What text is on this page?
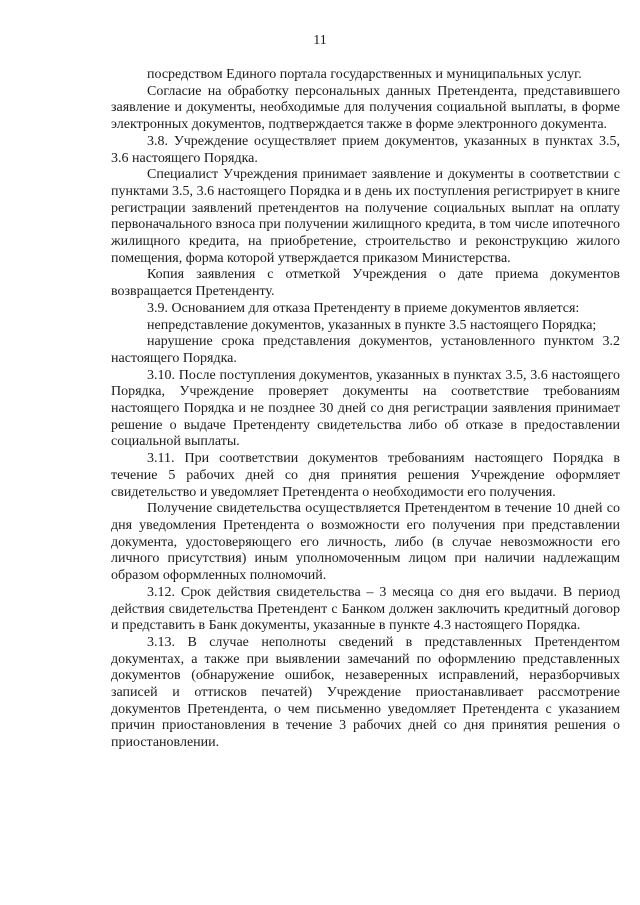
11

посредством Единого портала государственных и муниципальных услуг.

Согласие на обработку персональных данных Претендента, представившего заявление и документы, необходимые для получения социальной выплаты, в форме электронных документов, подтверждается также в форме электронного документа.

3.8. Учреждение осуществляет прием документов, указанных в пунктах 3.5, 3.6 настоящего Порядка.

Специалист Учреждения принимает заявление и документы в соответствии с пунктами 3.5, 3.6 настоящего Порядка и в день их поступления регистрирует в книге регистрации заявлений претендентов на получение социальных выплат на оплату первоначального взноса при получении жилищного кредита, в том числе ипотечного жилищного кредита, на приобретение, строительство и реконструкцию жилого помещения, форма которой утверждается приказом Министерства.

Копия заявления с отметкой Учреждения о дате приема документов возвращается Претенденту.

3.9. Основанием для отказа Претенденту в приеме документов является:

непредставление документов, указанных в пункте 3.5 настоящего Порядка;

нарушение срока представления документов, установленного пунктом 3.2 настоящего Порядка.

3.10. После поступления документов, указанных в пунктах 3.5, 3.6 настоящего Порядка, Учреждение проверяет документы на соответствие требованиям настоящего Порядка и не позднее 30 дней со дня регистрации заявления принимает решение о выдаче Претенденту свидетельства либо об отказе в предоставлении социальной выплаты.

3.11. При соответствии документов требованиям настоящего Порядка в течение 5 рабочих дней со дня принятия решения Учреждение оформляет свидетельство и уведомляет Претендента о необходимости его получения.

Получение свидетельства осуществляется Претендентом в течение 10 дней со дня уведомления Претендента о возможности его получения при представлении документа, удостоверяющего его личность, либо (в случае невозможности его личного присутствия) иным уполномоченным лицом при наличии надлежащим образом оформленных полномочий.

3.12. Срок действия свидетельства – 3 месяца со дня его выдачи. В период действия свидетельства Претендент с Банком должен заключить кредитный договор и представить в Банк документы, указанные в пункте 4.3 настоящего Порядка.

3.13. В случае неполноты сведений в представленных Претендентом документах, а также при выявлении замечаний по оформлению представленных документов (обнаружение ошибок, незаверенных исправлений, неразборчивых записей и оттисков печатей) Учреждение приостанавливает рассмотрение документов Претендента, о чем письменно уведомляет Претендента с указанием причин приостановления в течение 3 рабочих дней со дня принятия решения о приостановлении.
